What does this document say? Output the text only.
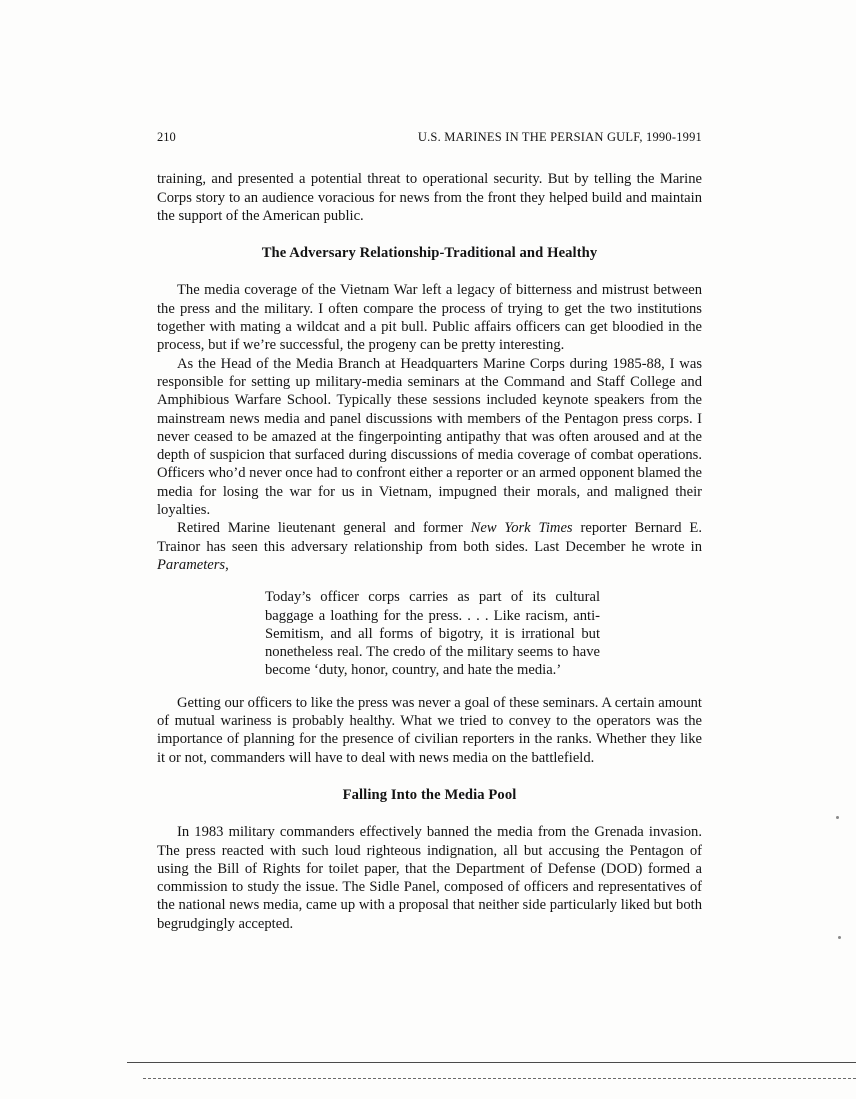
210	U.S. MARINES IN THE PERSIAN GULF, 1990-1991

training, and presented a potential threat to operational security. But by telling the Marine Corps story to an audience voracious for news from the front they helped build and maintain the support of the American public.

The Adversary Relationship-Traditional and Healthy

The media coverage of the Vietnam War left a legacy of bitterness and mistrust between the press and the military. I often compare the process of trying to get the two institutions together with mating a wildcat and a pit bull. Public affairs officers can get bloodied in the process, but if we’re successful, the progeny can be pretty interesting.

As the Head of the Media Branch at Headquarters Marine Corps during 1985-88, I was responsible for setting up military-media seminars at the Command and Staff College and Amphibious Warfare School. Typically these sessions included keynote speakers from the mainstream news media and panel discussions with members of the Pentagon press corps. I never ceased to be amazed at the fingerpointing antipathy that was often aroused and at the depth of suspicion that surfaced during discussions of media coverage of combat operations. Officers who’d never once had to confront either a reporter or an armed opponent blamed the media for losing the war for us in Vietnam, impugned their morals, and maligned their loyalties.

Retired Marine lieutenant general and former New York Times reporter Bernard E. Trainor has seen this adversary relationship from both sides. Last December he wrote in Parameters,

Today’s officer corps carries as part of its cultural baggage a loathing for the press. . . . Like racism, anti-Semitism, and all forms of bigotry, it is irrational but nonetheless real. The credo of the military seems to have become ‘duty, honor, country, and hate the media.’

Getting our officers to like the press was never a goal of these seminars. A certain amount of mutual wariness is probably healthy. What we tried to convey to the operators was the importance of planning for the presence of civilian reporters in the ranks. Whether they like it or not, commanders will have to deal with news media on the battlefield.

Falling Into the Media Pool

In 1983 military commanders effectively banned the media from the Grenada invasion. The press reacted with such loud righteous indignation, all but accusing the Pentagon of using the Bill of Rights for toilet paper, that the Department of Defense (DOD) formed a commission to study the issue. The Sidle Panel, composed of officers and representatives of the national news media, came up with a proposal that neither side particularly liked but both begrudgingly accepted.
